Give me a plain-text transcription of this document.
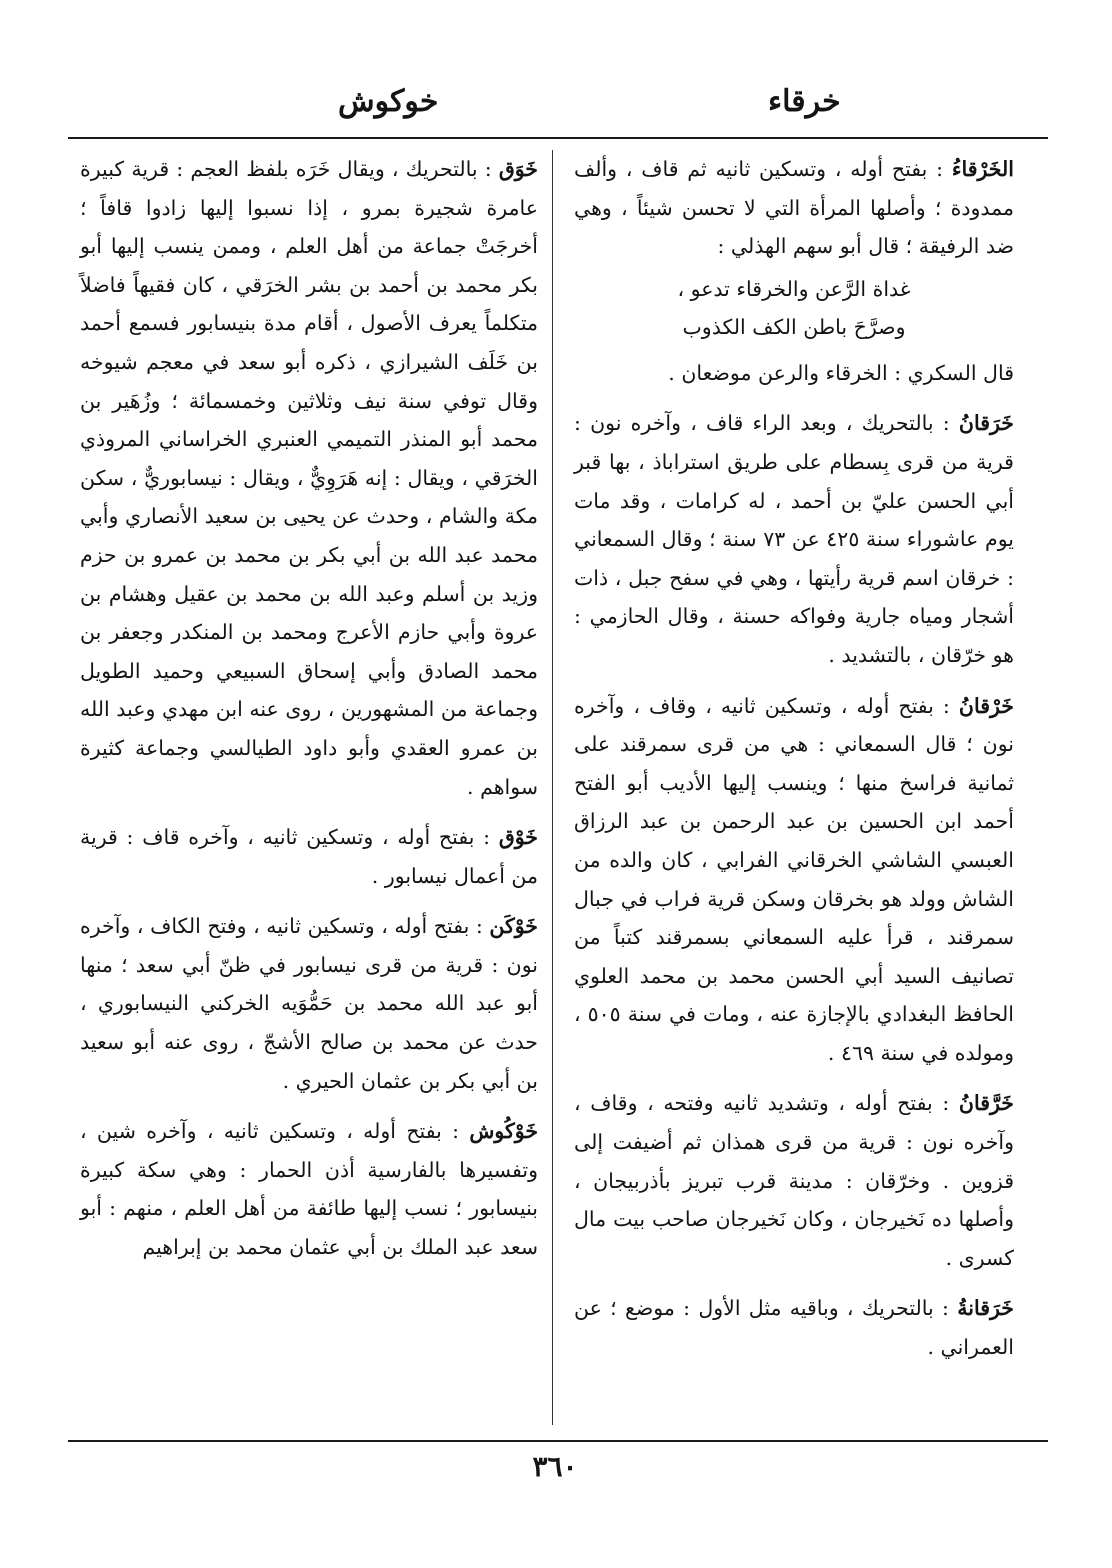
خرقاء
خوكوش
الخَرْقاءُ : بفتح أوله ، وتسكين ثانيه ثم قاف ، وألف ممدودة ؛ وأصلها المرأة التي لا تحسن شيئاً ، وهي ضد الرفيقة ؛ قال أبو سهم الهذلي :
غداة الرَّعن والخرقاء تدعو ،
وصرَّحَ باطن الكف الكذوب
قال السكري : الخرقاء والرعن موضعان .
خَرَقانُ : بالتحريك ، وبعد الراء قاف ، وآخره نون : قرية من قرى بِسطام على طريق استراباذ ، بها قبر أبي الحسن عليّ بن أحمد ، له كرامات ، وقد مات يوم عاشوراء سنة ٤٢٥ عن ٧٣ سنة ؛ وقال السمعاني : خرقان اسم قرية رأيتها ، وهي في سفح جبل ، ذات أشجار ومياه جارية وفواكه حسنة ، وقال الحازمي : هو خرّقان ، بالتشديد .
خَرْقانُ : بفتح أوله ، وتسكين ثانيه ، وقاف ، وآخره نون ؛ قال السمعاني : هي من قرى سمرقند على ثمانية فراسخ منها ؛ وينسب إليها الأديب أبو الفتح أحمد ابن الحسين بن عبد الرحمن بن عبد الرزاق العبسي الشاشي الخرقاني الفرابي ، كان والده من الشاش وولد هو بخرقان وسكن قرية فراب في جبال سمرقند ، قرأ عليه السمعاني بسمرقند كتباً من تصانيف السيد أبي الحسن محمد بن محمد العلوي الحافظ البغدادي بالإجازة عنه ، ومات في سنة ٥٠٥ ، ومولده في سنة ٤٦٩ .
خَرَّقانُ : بفتح أوله ، وتشديد ثانيه وفتحه ، وقاف ، وآخره نون : قرية من قرى همذان ثم أضيفت إلى قزوين . وخرّقان : مدينة قرب تبريز بأذربيجان ، وأصلها ده نَخيرجان ، وكان نَخيرجان صاحب بيت مال كسرى .
خَرَقانةُ : بالتحريك ، وباقيه مثل الأول : موضع ؛ عن العمراني .
خَوَق : بالتحريك ، ويقال خَرَه بلفظ العجم : قرية كبيرة عامرة شجيرة بمرو ، إذا نسبوا إليها زادوا قافاً ؛ أخرجَتْ جماعة من أهل العلم ، وممن ينسب إليها أبو بكر محمد بن أحمد بن بشر الخرَقي ، كان فقيهاً فاضلاً متكلماً يعرف الأصول ، أقام مدة بنيسابور فسمع أحمد بن خَلَف الشيرازي ، ذكره أبو سعد في معجم شيوخه وقال توفي سنة نيف وثلاثين وخمسمائة ؛ وزُهَير بن محمد أبو المنذر التميمي العنبري الخراساني المروذي الخرَقي ، ويقال : إنه هَرَوِيٌّ ، ويقال : نيسابوريٌّ ، سكن مكة والشام ، وحدث عن يحيى بن سعيد الأنصاري وأبي محمد عبد الله بن أبي بكر بن محمد بن عمرو بن حزم وزيد بن أسلم وعبد الله بن محمد بن عقيل وهشام بن عروة وأبي حازم الأعرج ومحمد بن المنكدر وجعفر بن محمد الصادق وأبي إسحاق السبيعي وحميد الطويل وجماعة من المشهورين ، روى عنه ابن مهدي وعبد الله بن عمرو العقدي وأبو داود الطيالسي وجماعة كثيرة سواهم .
خَوْق : بفتح أوله ، وتسكين ثانيه ، وآخره قاف : قرية من أعمال نيسابور .
خَوْكَن : بفتح أوله ، وتسكين ثانيه ، وفتح الكاف ، وآخره نون : قرية من قرى نيسابور في ظنّ أبي سعد ؛ منها أبو عبد الله محمد بن حَمُّوَيه الخركني النيسابوري ، حدث عن محمد بن صالح الأشجّ ، روى عنه أبو سعيد بن أبي بكر بن عثمان الحيري .
خَوْكُوش : بفتح أوله ، وتسكين ثانيه ، وآخره شين ، وتفسيرها بالفارسية أذن الحمار : وهي سكة كبيرة بنيسابور ؛ نسب إليها طائفة من أهل العلم ، منهم : أبو سعد عبد الملك بن أبي عثمان محمد بن إبراهيم
٣٦٠
